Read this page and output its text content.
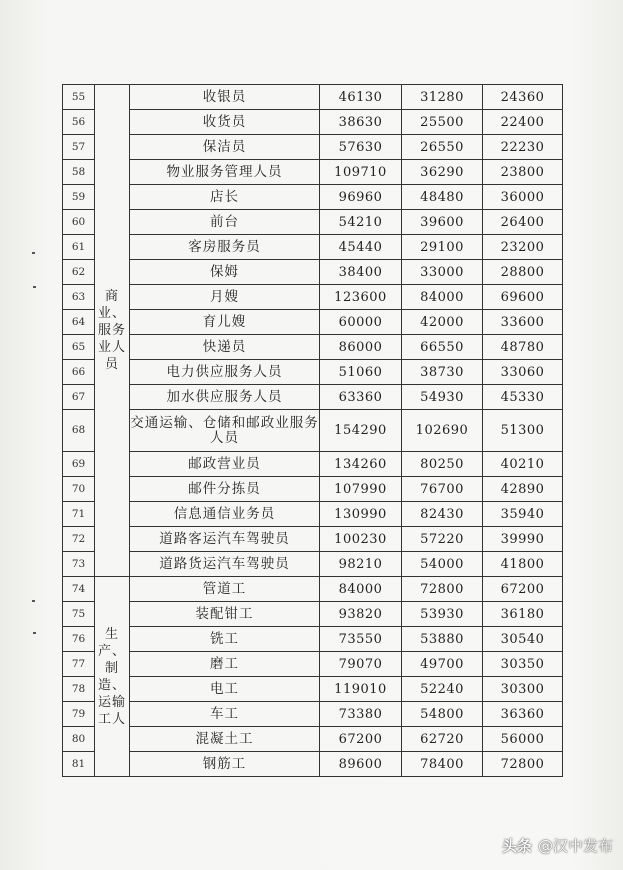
55	商业、服务业人员	收银员	46130	31280	24360
56		收货员	38630	25500	22400
57		保洁员	57630	26550	22230
58		物业服务管理人员	109710	36290	23800
59		店长	96960	48480	36000
60		前台	54210	39600	26400
61		客房服务员	45440	29100	23200
62		保姆	38400	33000	28800
63		月嫂	123600	84000	69600
64		育儿嫂	60000	42000	33600
65		快递员	86000	66550	48780
66		电力供应服务人员	51060	38730	33060
67		加水供应服务人员	63360	54930	45330
68		交通运输、仓储和邮政业服务人员	154290	102690	51300
69		邮政营业员	134260	80250	40210
70		邮件分拣员	107990	76700	42890
71		信息通信业务员	130990	82430	35940
72		道路客运汽车驾驶员	100230	57220	39990
73		道路货运汽车驾驶员	98210	54000	41800
74	生产、制造、运输工人	管道工	84000	72800	67200
75		装配钳工	93820	53930	36180
76		铣工	73550	53880	30540
77		磨工	79070	49700	30350
78		电工	119010	52240	30300
79		车工	73380	54800	36360
80		混凝土工	67200	62720	56000
81		钢筋工	89600	78400	72800
头条 @汉中发布
